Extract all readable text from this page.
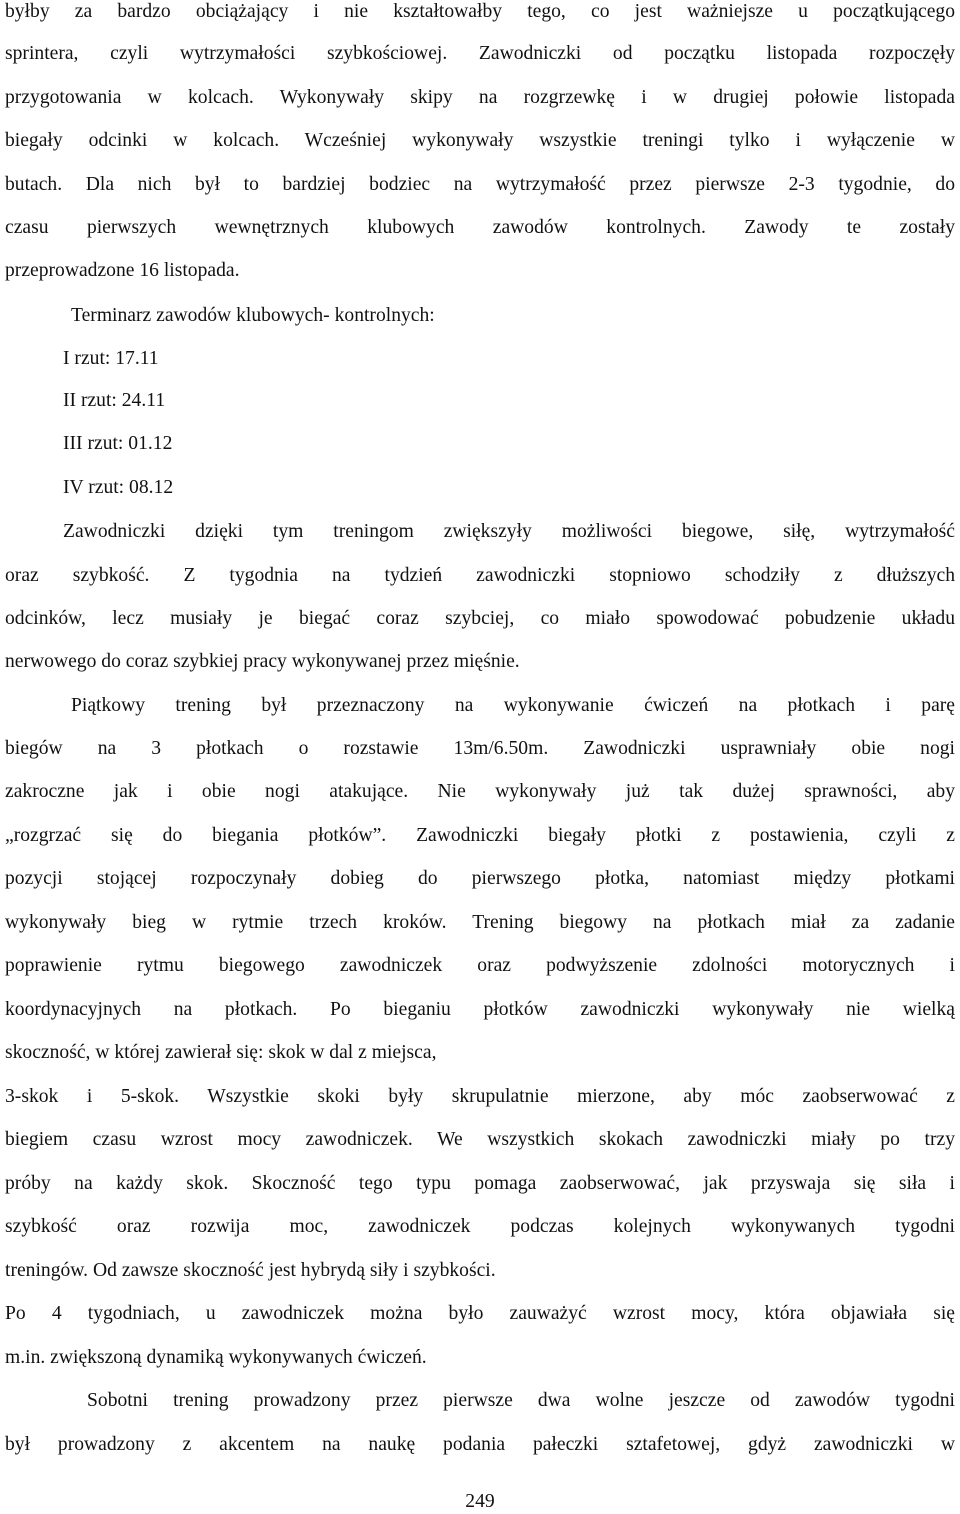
byłby za bardzo obciążający i nie kształtowałby tego, co jest ważniejsze u początkującego
sprintera, czyli wytrzymałości szybkościowej. Zawodniczki od początku listopada rozpoczęły
przygotowania w kolcach. Wykonywały skipy na rozgrzewkę i w drugiej połowie listopada
biegały odcinki w kolcach. Wcześniej wykonywały wszystkie treningi tylko i wyłączenie w
butach. Dla nich był to bardziej bodziec na wytrzymałość przez pierwsze 2-3 tygodnie, do
czasu pierwszych wewnętrznych klubowych zawodów kontrolnych. Zawody te zostały
przeprowadzone 16 listopada.
Terminarz zawodów klubowych- kontrolnych:
I rzut: 17.11
II rzut: 24.11
III rzut: 01.12
IV rzut: 08.12
Zawodniczki dzięki tym treningom zwiększyły możliwości biegowe, siłę, wytrzymałość
oraz szybkość. Z tygodnia na tydzień zawodniczki stopniowo schodziły z dłuższych
odcinków, lecz musiały je biegać coraz szybciej, co miało spowodować pobudzenie układu
nerwowego do coraz szybkiej pracy wykonywanej przez mięśnie.
Piątkowy trening był przeznaczony na wykonywanie ćwiczeń na płotkach i parę
biegów na 3 płotkach o rozstawie 13m/6.50m. Zawodniczki usprawniały obie nogi
zakroczne jak i obie nogi atakujące. Nie wykonywały już tak dużej sprawności, aby
„rozgrzać się do biegania płotków”. Zawodniczki biegały płotki z postawienia, czyli z
pozycji stojącej rozpoczynały dobieg do pierwszego płotka, natomiast między płotkami
wykonywały bieg w rytmie trzech kroków. Trening biegowy na płotkach miał za zadanie
poprawienie rytmu biegowego zawodniczek oraz podwyższenie zdolności motorycznych i
koordynacyjnych na płotkach. Po bieganiu płotków zawodniczki wykonywały nie wielką
skoczność, w której zawierał się: skok w dal z miejsca,
3-skok i 5-skok. Wszystkie skoki były skrupulatnie mierzone, aby móc zaobserwować z
biegiem czasu wzrost mocy zawodniczek. We wszystkich skokach zawodniczki miały po trzy
próby na każdy skok. Skoczność tego typu pomaga zaobserwować, jak przyswaja się siła i
szybkość oraz rozwija moc, zawodniczek podczas kolejnych wykonywanych tygodni
treningów. Od zawsze skoczność jest hybrydą siły i szybkości.
Po 4 tygodniach, u zawodniczek można było zauważyć wzrost mocy, która objawiała się
m.in. zwiększoną dynamiką wykonywanych ćwiczeń.
Sobotni trening prowadzony przez pierwsze dwa wolne jeszcze od zawodów tygodni
był prowadzony z akcentem na naukę podania pałeczki sztafetowej, gdyż zawodniczki w
249
